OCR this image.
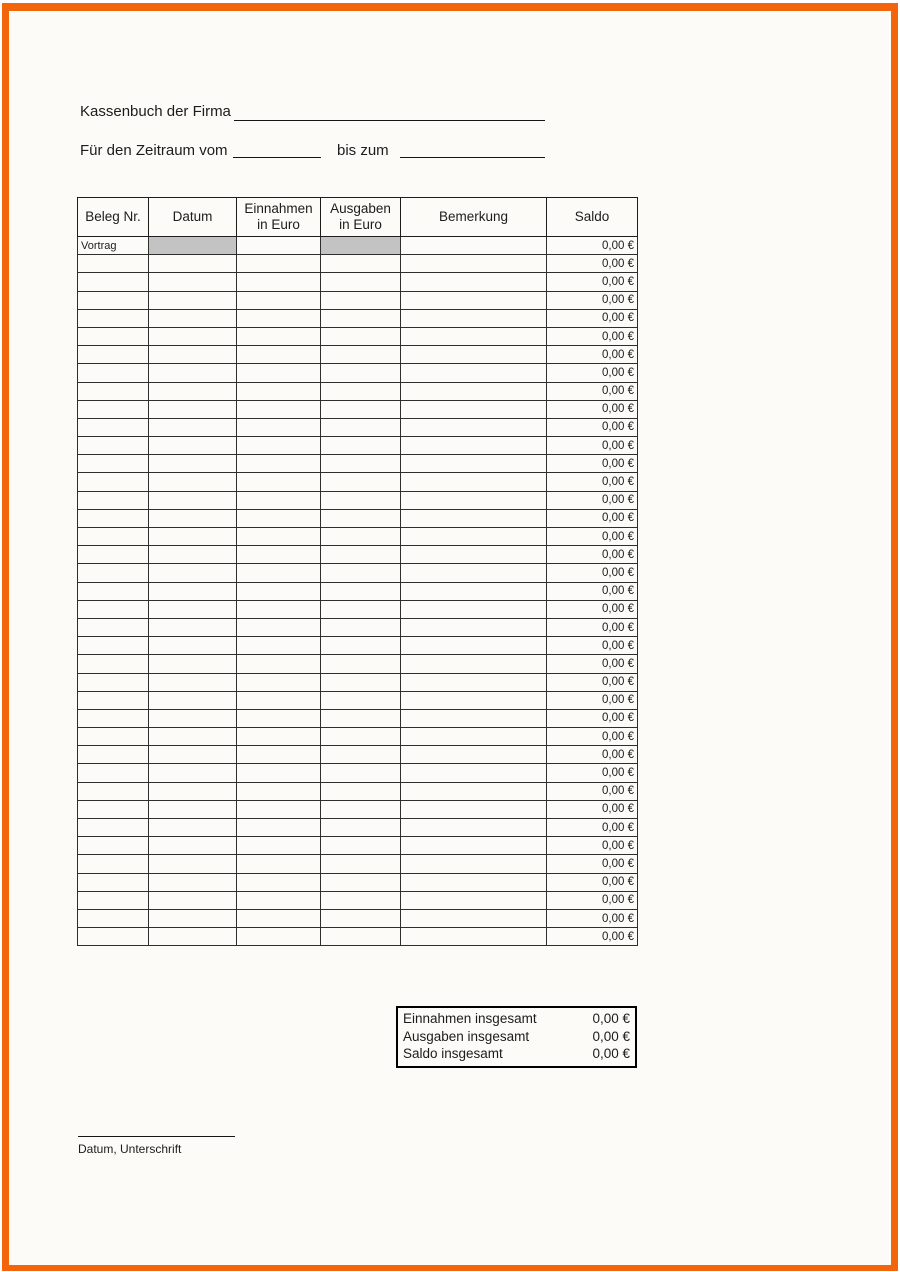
Kassenbuch der Firma
Für den Zeitraum vom	bis zum
Beleg Nr.	Datum	Einnahmen in Euro	Ausgaben in Euro	Bemerkung	Saldo
Vortrag					0,00 €
					0,00 €
					0,00 €
					0,00 €
					0,00 €
					0,00 €
					0,00 €
					0,00 €
					0,00 €
					0,00 €
					0,00 €
					0,00 €
					0,00 €
					0,00 €
					0,00 €
					0,00 €
					0,00 €
					0,00 €
					0,00 €
					0,00 €
					0,00 €
					0,00 €
					0,00 €
					0,00 €
					0,00 €
					0,00 €
					0,00 €
					0,00 €
					0,00 €
					0,00 €
					0,00 €
					0,00 €
					0,00 €
					0,00 €
					0,00 €
					0,00 €
					0,00 €
					0,00 €
					0,00 €
Einnahmen insgesamt	0,00 €
Ausgaben insgesamt	0,00 €
Saldo insgesamt	0,00 €
Datum, Unterschrift
